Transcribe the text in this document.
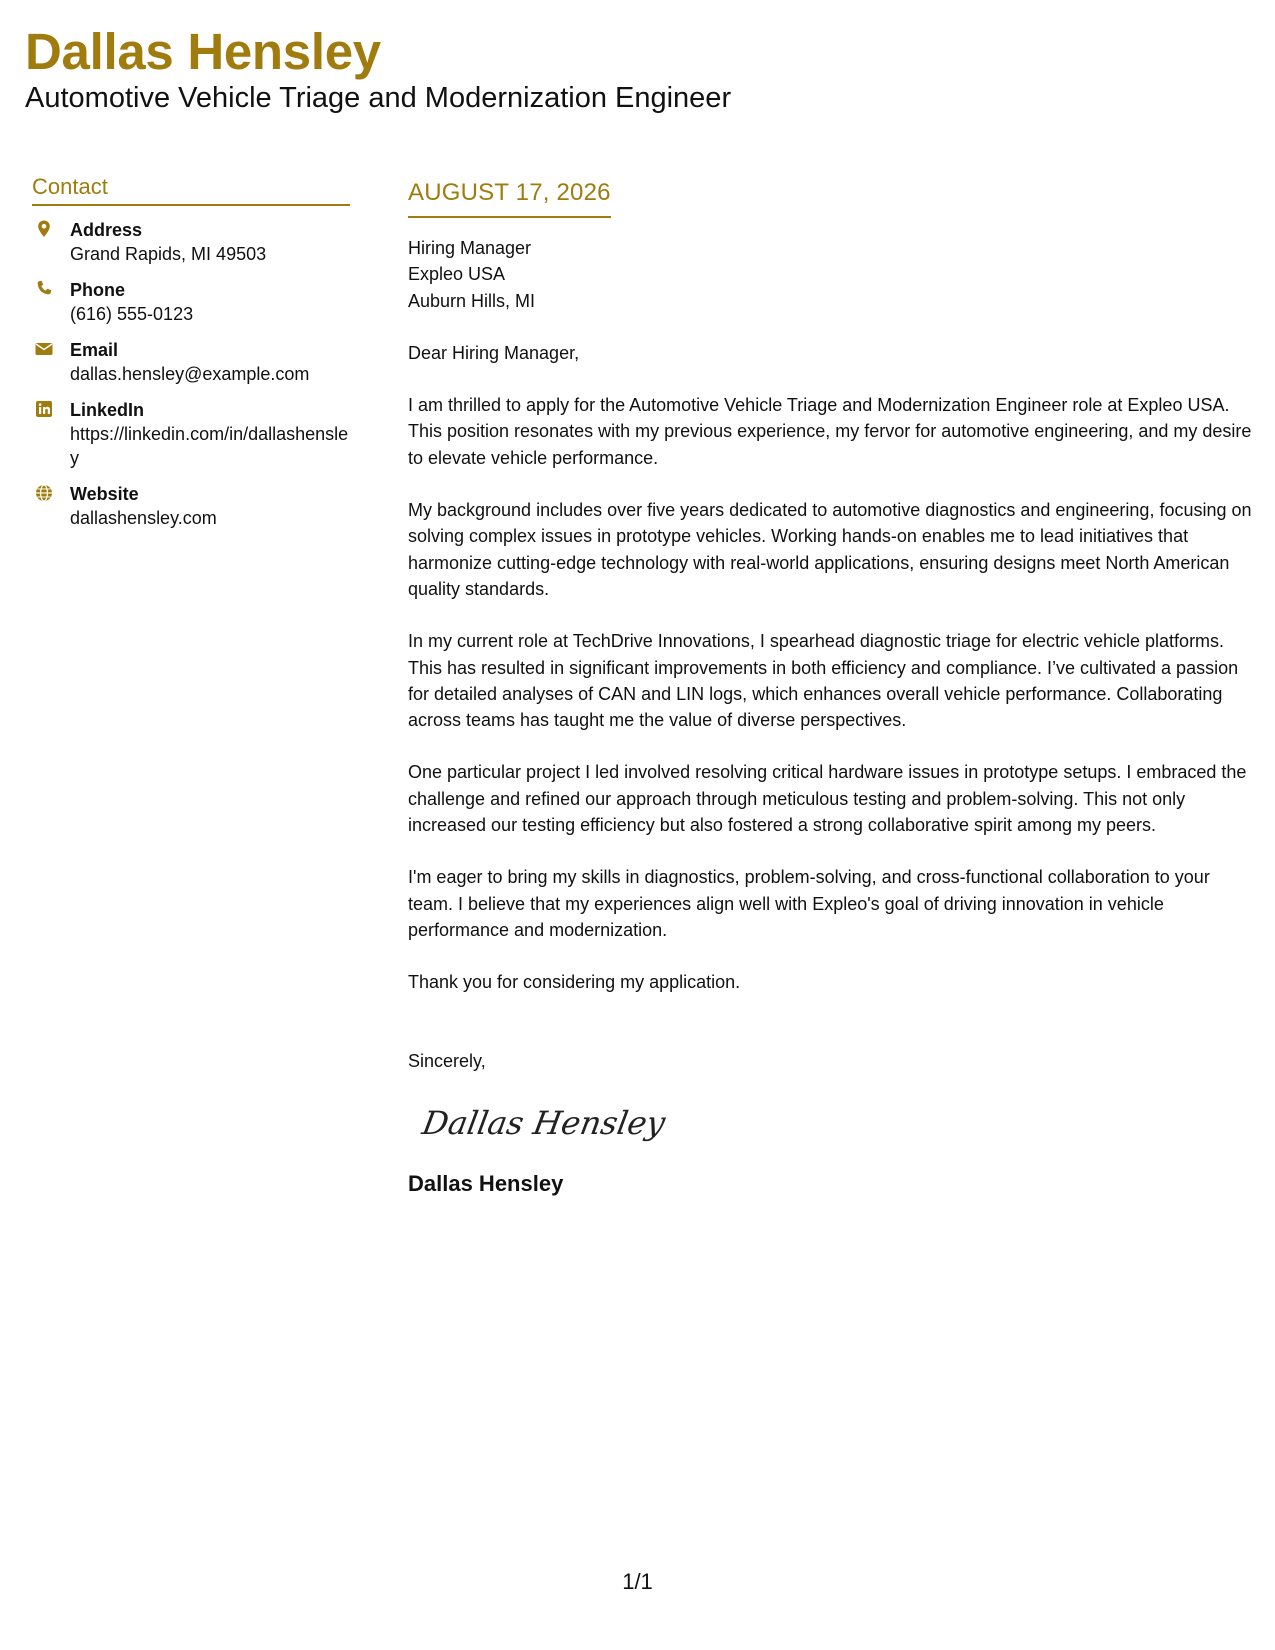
Dallas Hensley
Automotive Vehicle Triage and Modernization Engineer
Contact
Address
Grand Rapids, MI 49503
Phone
(616) 555-0123
Email
dallas.hensley@example.com
LinkedIn
https://linkedin.com/in/dallashensley
Website
dallashensley.com
AUGUST 17, 2026

Hiring Manager

Expleo USA

Auburn Hills, MI

Dear Hiring Manager,

I am thrilled to apply for the Automotive Vehicle Triage and Modernization Engineer role at Expleo USA. This position resonates with my previous experience, my fervor for automotive engineering, and my desire to elevate vehicle performance.

My background includes over five years dedicated to automotive diagnostics and engineering, focusing on solving complex issues in prototype vehicles. Working hands-on enables me to lead initiatives that harmonize cutting-edge technology with real-world applications, ensuring designs meet North American quality standards.

In my current role at TechDrive Innovations, I spearhead diagnostic triage for electric vehicle platforms. This has resulted in significant improvements in both efficiency and compliance. I’ve cultivated a passion for detailed analyses of CAN and LIN logs, which enhances overall vehicle performance. Collaborating across teams has taught me the value of diverse perspectives.

One particular project I led involved resolving critical hardware issues in prototype setups. I embraced the challenge and refined our approach through meticulous testing and problem-solving. This not only increased our testing efficiency but also fostered a strong collaborative spirit among my peers.

I'm eager to bring my skills in diagnostics, problem-solving, and cross-functional collaboration to your team. I believe that my experiences align well with Expleo's goal of driving innovation in vehicle performance and modernization.

Thank you for considering my application.

Sincerely,

Dallas Hensley
Dallas Hensley
1/1
